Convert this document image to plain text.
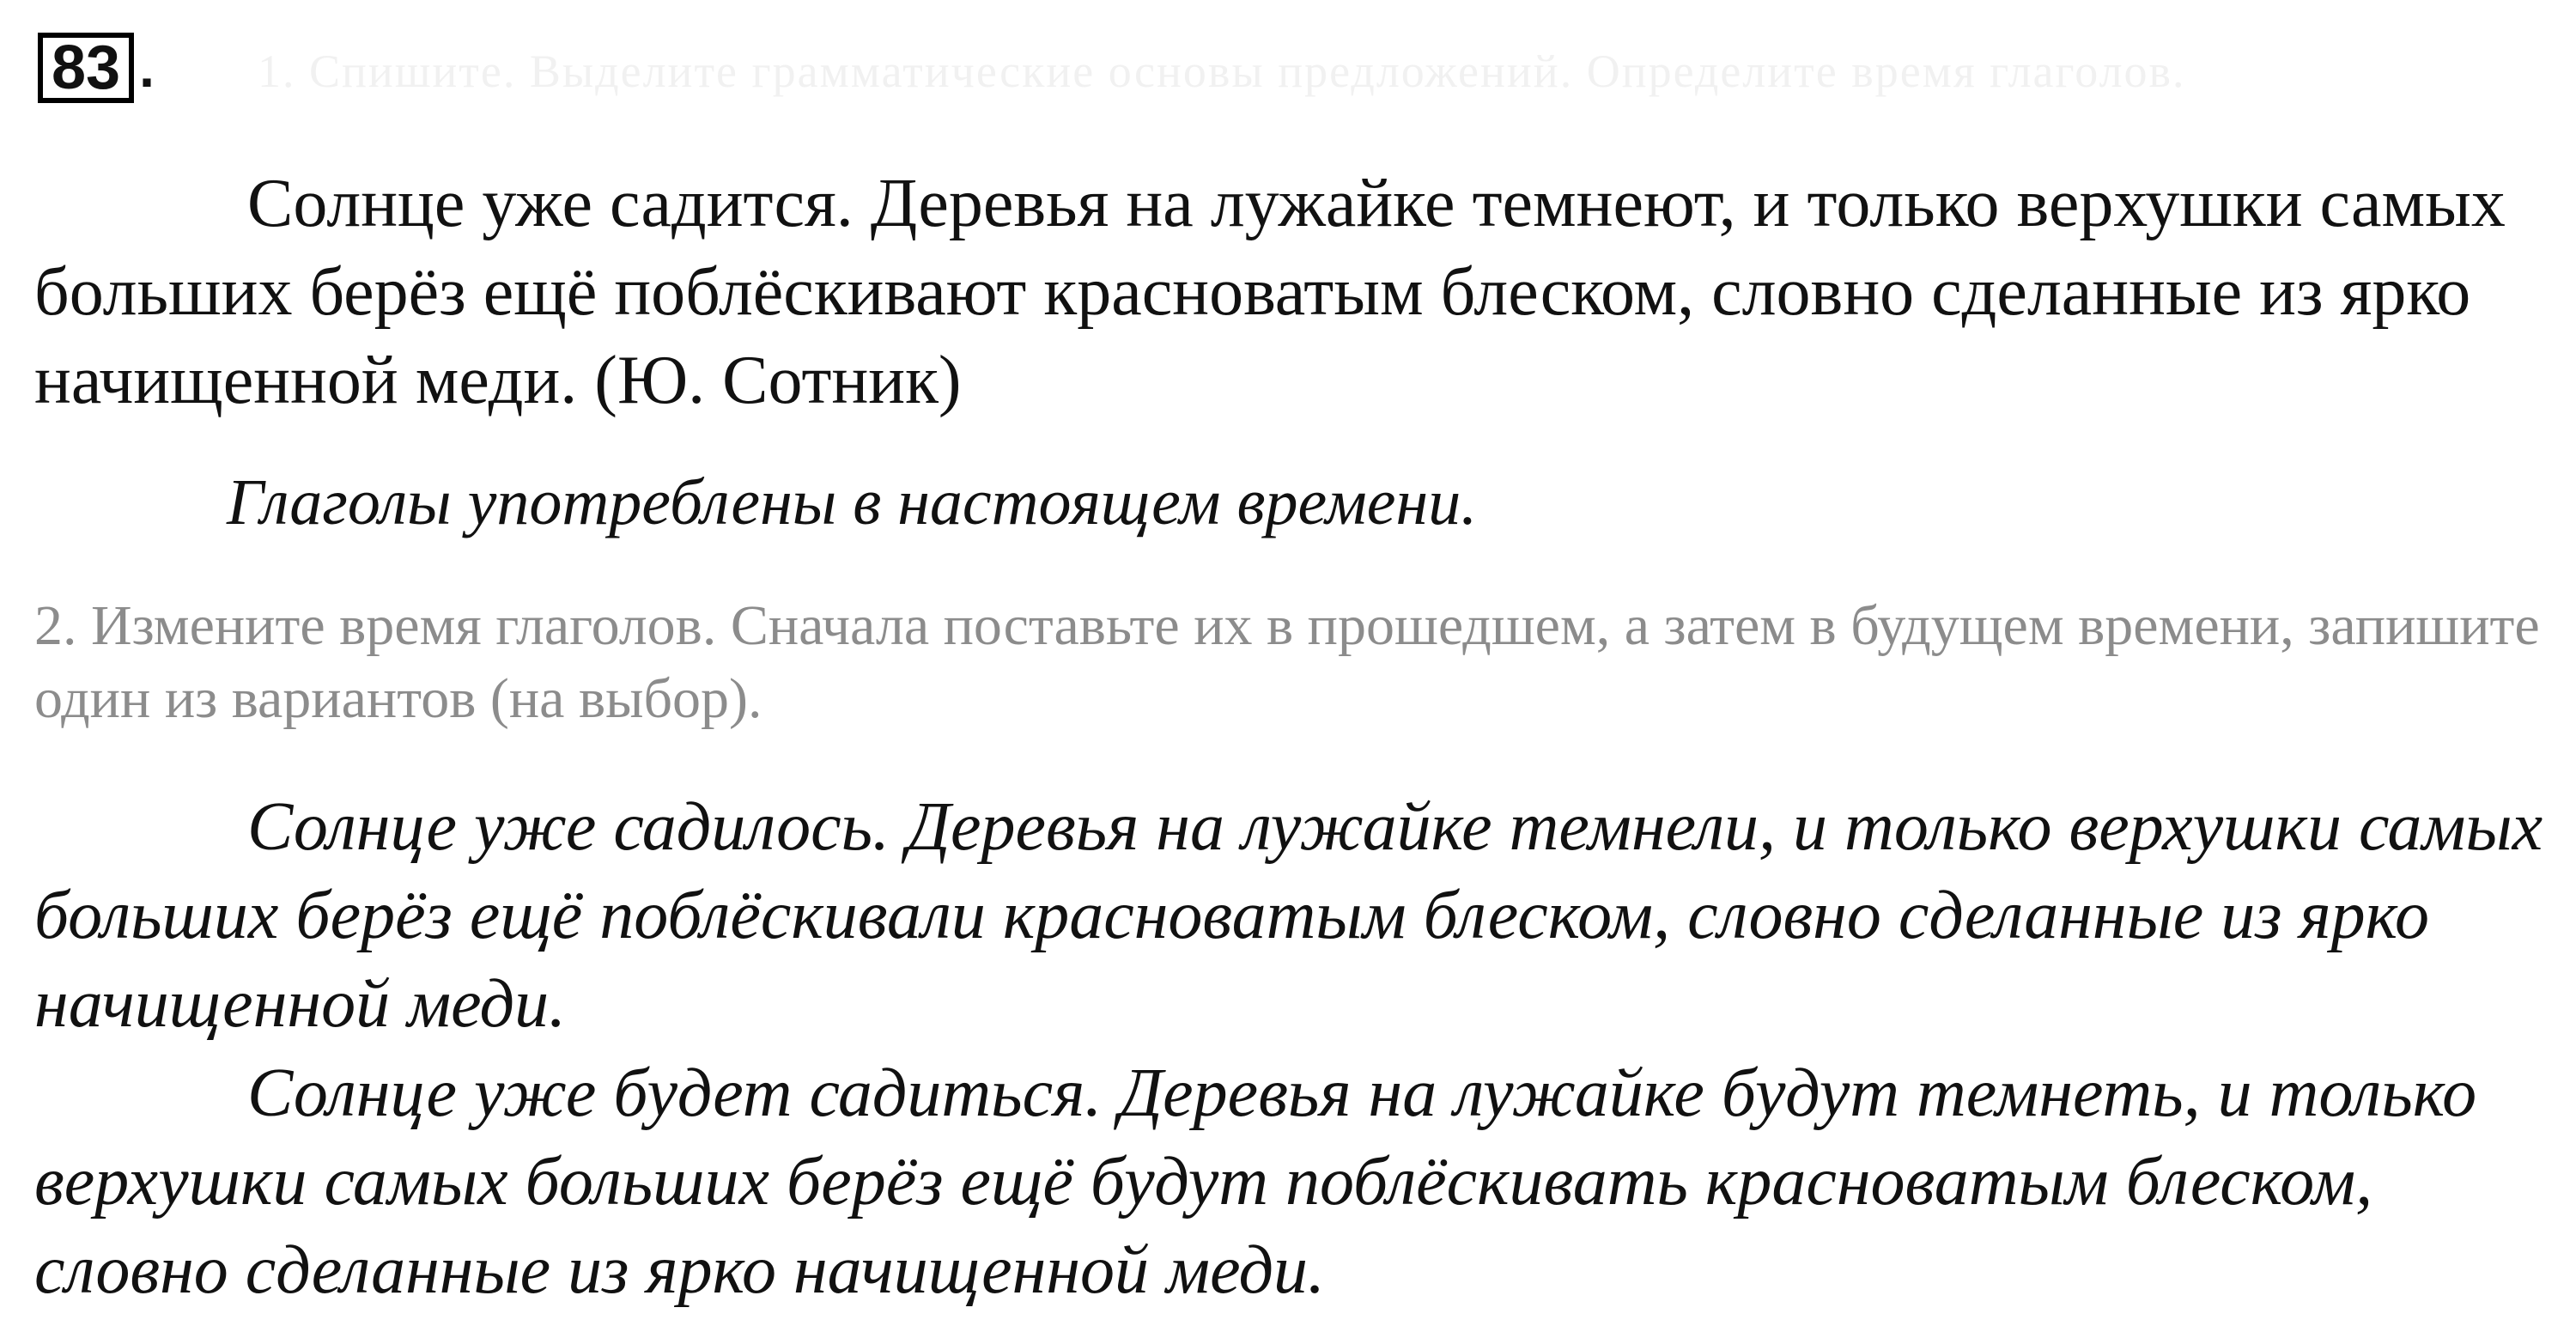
83 . 1. Спишите. Выделите грамматические основы предложений. Определите время глаголов.

Солнце уже садится. Деревья на лужайке темнеют, и только верхушки самых больших берёз ещё поблёскивают красноватым блеском, словно сделанные из ярко начищенной меди. (Ю. Сотник)

Глаголы употреблены в настоящем времени.

2. Измените время глаголов. Сначала поставьте их в прошедшем, а затем в будущем времени, запишите один из вариантов (на выбор).

Солнце уже садилось. Деревья на лужайке темнели, и только верхушки самых больших берёз ещё поблёскивали красноватым блеском, словно сделанные из ярко начищенной меди.

Солнце уже будет садиться. Деревья на лужайке будут темнеть, и только верхушки самых больших берёз ещё будут поблёскивать красноватым блеском, словно сделанные из ярко начищенной меди.
